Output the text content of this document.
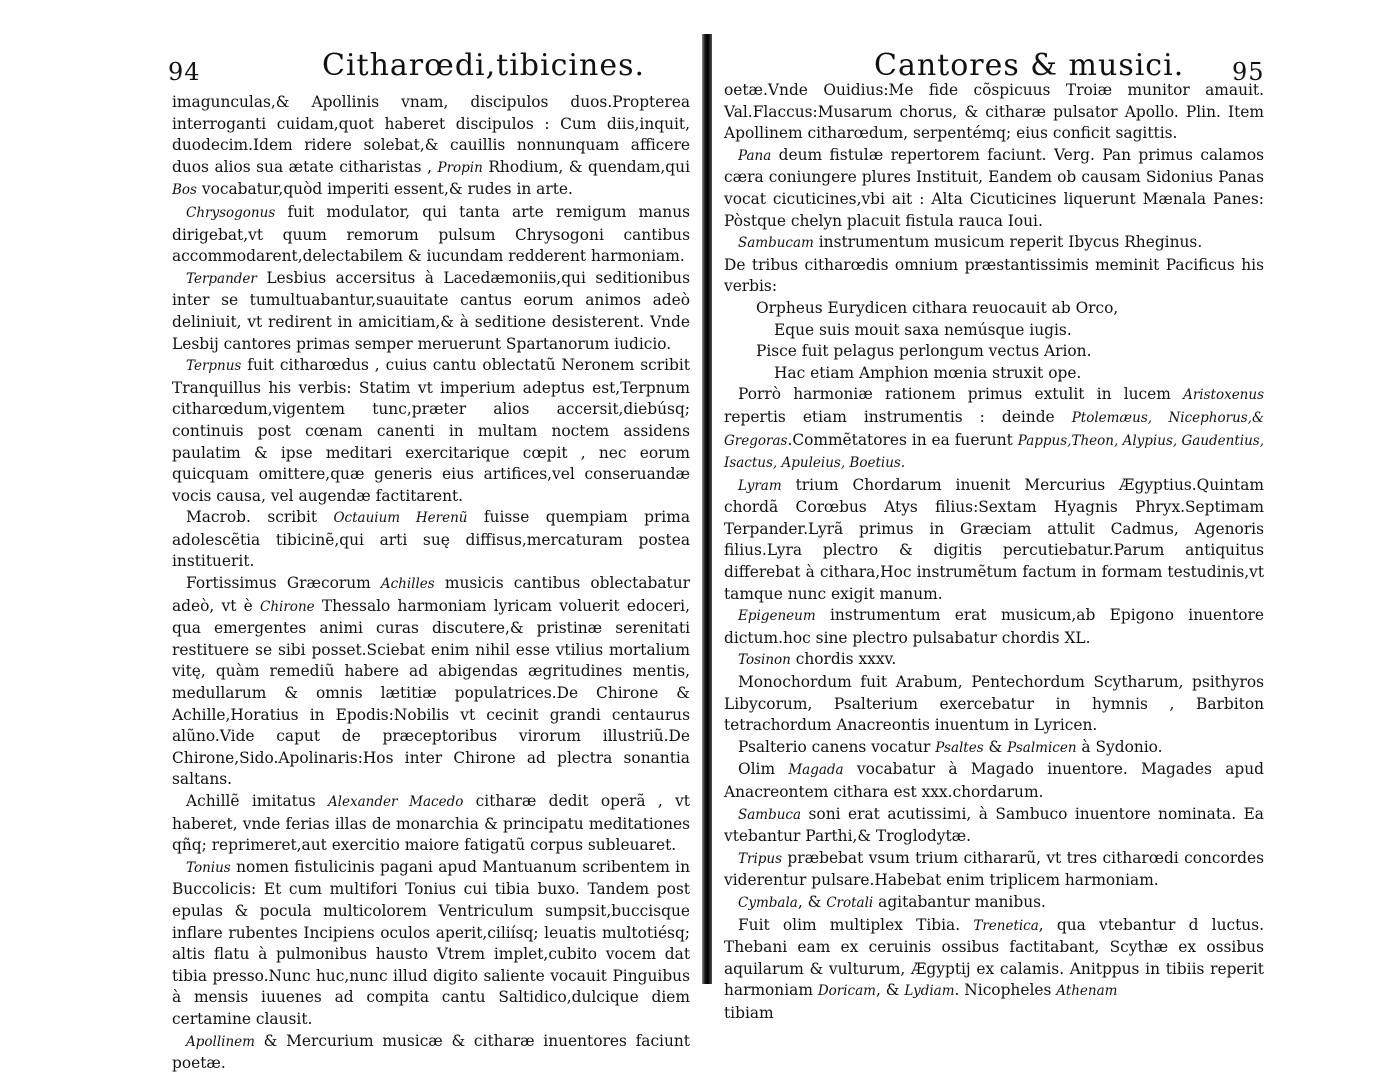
94	Citharœdi,tibicines.

imagunculas,& Apollinis vnam, discipulos duos.Propterea interroganti cuidam,quot haberet discipulos : Cum diis,inquit, duodecim.Idem ridere solebat,& cauillis nonnunquam afficere duos alios sua ætate citharistas , Propin Rhodium, & quendam,qui Bos vocabatur,quòd imperiti essent,& rudes in arte.

Chrysogonus fuit modulator, qui tanta arte remigum manus dirigebat,vt quum remorum pulsum Chrysogoni cantibus accommodarent,delectabilem & iucundam redderent harmoniam.

Terpander Lesbius accersitus à Lacedæmoniis,qui seditionibus inter se tumultuabantur,suauitate cantus eorum animos adeò deliniuit, vt redirent in amicitiam,& à seditione desisterent. Vnde Lesbij cantores primas semper meruerunt Spartanorum iudicio.

Terpnus fuit citharœdus , cuius cantu oblectatũ Neronem scribit Tranquillus his verbis: Statim vt imperium adeptus est,Terpnum citharœdum,vigentem tunc,præter alios accersit,diebúsq; continuis post cœnam canenti in multam noctem assidens paulatim & ipse meditari exercitarique cœpit , nec eorum quicquam omittere,quæ generis eius artifices,vel conseruandæ vocis causa, vel augendæ factitarent.

Macrob. scribit Octauium Herenũ fuisse quempiam prima adolescẽtia tibicinẽ,qui arti suę diffisus,mercaturam postea instituerit.

Fortissimus Græcorum Achilles musicis cantibus oblectabatur adeò, vt è Chirone Thessalo harmoniam lyricam voluerit edoceri, qua emergentes animi curas discutere,& pristinæ serenitati restituere se sibi posset.Sciebat enim nihil esse vtilius mortalium vitę, quàm remediũ habere ad abigendas ægritudines mentis, medullarum & omnis lætitiæ populatrices.De Chirone & Achille,Horatius in Epodis:Nobilis vt cecinit grandi centaurus alũno.Vide caput de præceptoribus virorum illustriũ.De Chirone,Sido.Apolinaris:Hos inter Chirone ad plectra sonantia saltans.

Achillẽ imitatus Alexander Macedo citharæ dedit operã , vt haberet, vnde ferias illas de monarchia & principatu meditationes qñq; reprimeret,aut exercitio maiore fatigatũ corpus subleuaret.

Tonius nomen fistulicinis pagani apud Mantuanum scribentem in Buccolicis: Et cum multifori Tonius cui tibia buxo. Tandem post epulas & pocula multicolorem Ventriculum sumpsit,buccisque inflare rubentes Incipiens oculos aperit,ciliísq; leuatis multotiésq; altis flatu à pulmonibus hausto Vtrem implet,cubito vocem dat tibia presso.Nunc huc,nunc illud digito saliente vocauit Pinguibus à mensis iuuenes ad compita cantu Saltidico,dulcique diem certamine clausit.

Apollinem & Mercurium musicæ & citharæ inuentores faciunt poetæ.

Cantores & musici. 95

oetæ.Vnde Ouidius:Me fide cõspicuus Troiæ munitor amauit. Val.Flaccus:Musarum chorus, & citharæ pulsator Apollo. Plin. Item Apollinem citharœdum, serpentémq; eius conficit sagittis.

Pana deum fistulæ repertorem faciunt. Verg. Pan primus calamos cæra coniungere plures Instituit, Eandem ob causam Sidonius Panas vocat cicuticines,vbi ait : Alta Cicuticines liquerunt Mænala Panes: Pòstque chelyn placuit fistula rauca Ioui.

Sambucam instrumentum musicum reperit Ibycus Rheginus.

De tribus citharœdis omnium præstantissimis meminit Pacificus his verbis:

Orpheus Eurydicen cithara reuocauit ab Orco,

Eque suis mouit saxa nemúsque iugis.

Pisce fuit pelagus perlongum vectus Arion.

Hac etiam Amphion mœnia struxit ope.

Porrò harmoniæ rationem primus extulit in lucem Aristoxenus repertis etiam instrumentis : deinde Ptolemæus, Nicephorus,& Gregoras.Commẽtatores in ea fuerunt Pappus,Theon, Alypius, Gaudentius, Isactus, Apuleius, Boetius.

Lyram trium Chordarum inuenit Mercurius Ægyptius.Quintam chordã Corœbus Atys filius:Sextam Hyagnis Phryx.Septimam Terpander.Lyrã primus in Græciam attulit Cadmus, Agenoris filius.Lyra plectro & digitis percutiebatur.Parum antiquitus differebat à cithara,Hoc instrumẽtum factum in formam testudinis,vt tamque nunc exigit manum.

Epigeneum instrumentum erat musicum,ab Epigono inuentore dictum.hoc sine plectro pulsabatur chordis XL.

Tosinon chordis xxxv.

Monochordum fuit Arabum, Pentechordum Scytharum, psithyros Libycorum, Psalterium exercebatur in hymnis , Barbiton tetrachordum Anacreontis inuentum in Lyricen.

Psalterio canens vocatur Psaltes & Psalmicen à Sydonio.

Olim Magada vocabatur à Magado inuentore. Magades apud Anacreontem cithara est xxx.chordarum.

Sambuca soni erat acutissimi, à Sambuco inuentore nominata. Ea vtebantur Parthi,& Troglodytæ.

Tripus præbebat vsum trium cithararũ, vt tres citharœdi concordes viderentur pulsare.Habebat enim triplicem harmoniam.

Cymbala, & Crotali agitabantur manibus.

Fuit olim multiplex Tibia. Trenetica, qua vtebantur d luctus. Thebani eam ex ceruinis ossibus factitabant, Scythæ ex ossibus aquilarum & vulturum, Ægyptij ex calamis. Anitppus in tibiis reperit harmoniam Doricam, & Lydiam. Nicopheles Athenam

tibiam
